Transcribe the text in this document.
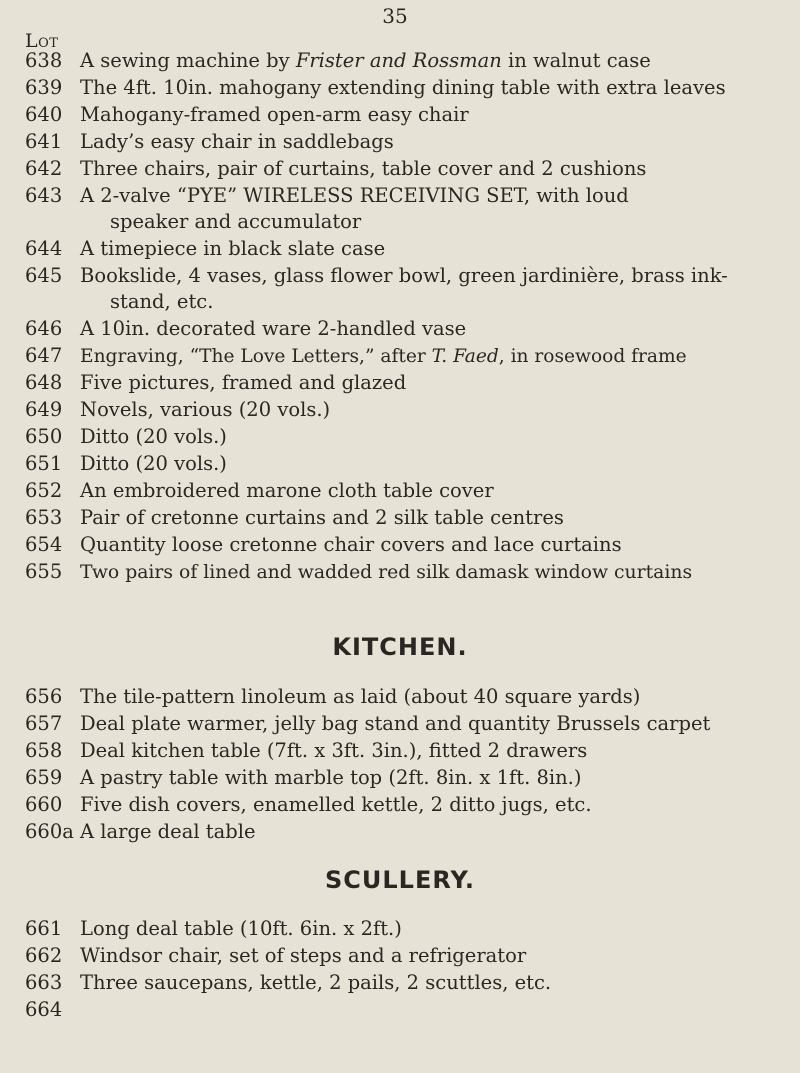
35
Lot
638 A sewing machine by Frister and Rossman in walnut case
639 The 4ft. 10in. mahogany extending dining table with extra leaves
640 Mahogany-framed open-arm easy chair
641 Lady’s easy chair in saddlebags
642 Three chairs, pair of curtains, table cover and 2 cushions
643 A 2-valve “PYE” WIRELESS RECEIVING SET, with loud
speaker and accumulator
644 A timepiece in black slate case
645 Bookslide, 4 vases, glass flower bowl, green jardinière, brass ink-
stand, etc.
646 A 10in. decorated ware 2-handled vase
647 Engraving, “The Love Letters,” after T. Faed, in rosewood frame
648 Five pictures, framed and glazed
649 Novels, various (20 vols.)
650 Ditto (20 vols.)
651 Ditto (20 vols.)
652 An embroidered marone cloth table cover
653 Pair of cretonne curtains and 2 silk table centres
654 Quantity loose cretonne chair covers and lace curtains
655 Two pairs of lined and wadded red silk damask window curtains
KITCHEN.
656 The tile-pattern linoleum as laid (about 40 square yards)
657 Deal plate warmer, jelly bag stand and quantity Brussels carpet
658 Deal kitchen table (7ft. x 3ft. 3in.), fitted 2 drawers
659 A pastry table with marble top (2ft. 8in. x 1ft. 8in.)
660 Five dish covers, enamelled kettle, 2 ditto jugs, etc.
660a A large deal table
SCULLERY.
661 Long deal table (10ft. 6in. x 2ft.)
662 Windsor chair, set of steps and a refrigerator
663 Three saucepans, kettle, 2 pails, 2 scuttles, etc.
664
